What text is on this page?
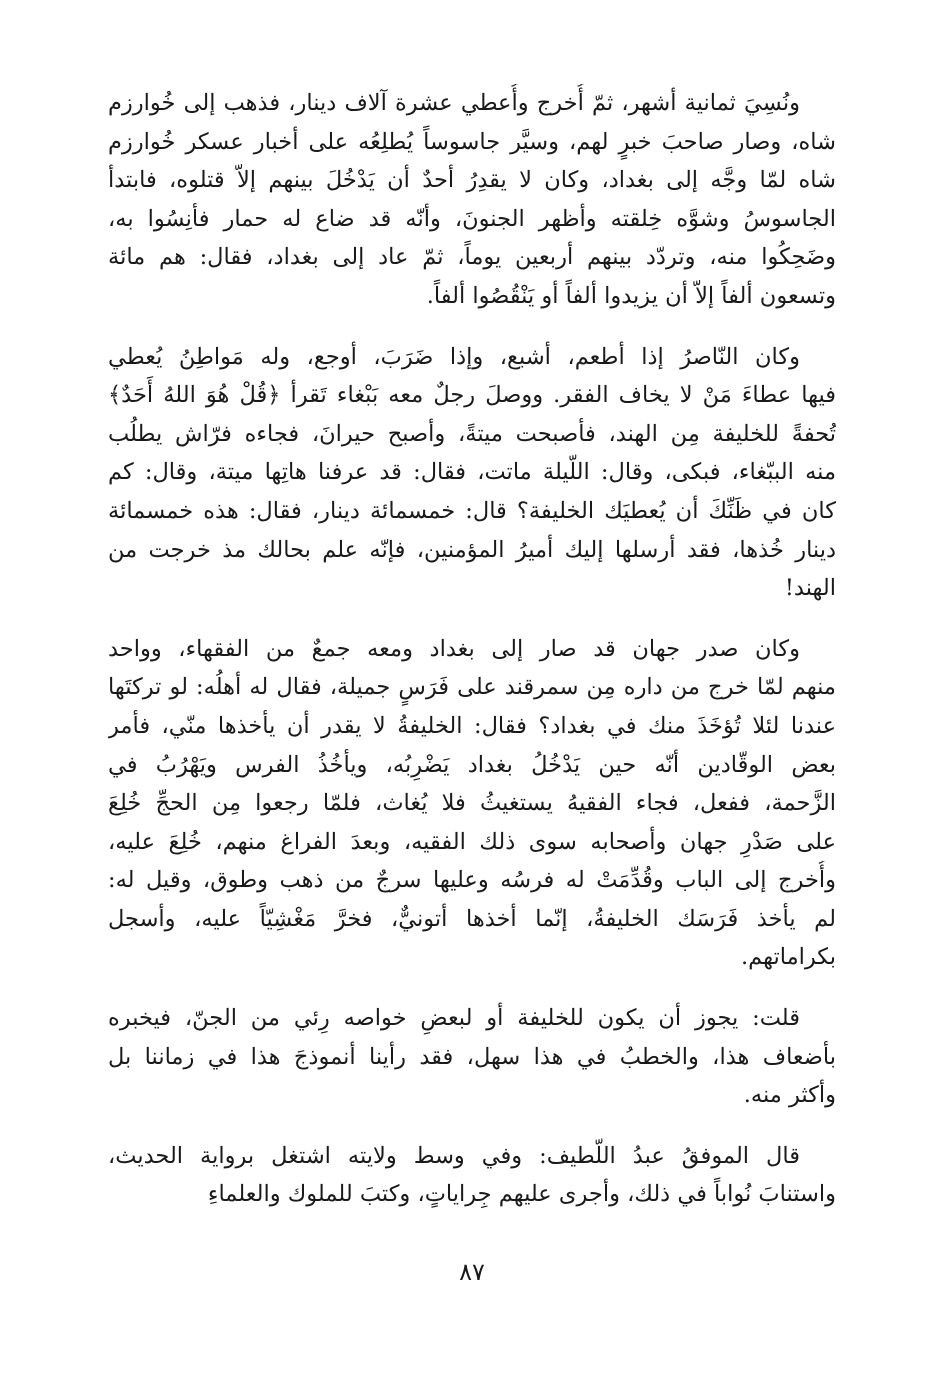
ونُسِيَ ثمانية أشهر، ثمّ أُخرج وأُعطي عشرة آلاف دينار، فذهب إلى خُوارزم
شاه، وصار صاحبَ خبرٍ لهم، وسيَّر جاسوساً يُطلِعُه على أخبار عسكر خُوارزم
شاه لمّا وجَّه إلى بغداد، وكان لا يقدِرُ أحدٌ أن يَدْخُلَ بينهم إلاّ قتلوه، فابتدأ
الجاسوسُ وشوَّه خِلقته وأظهر الجنونَ، وأنّه قد ضاع له حمار فأنِسُوا به،
وضَحِكُوا منه، وتردّد بينهم أربعين يوماً، ثمّ عاد إلى بغداد، فقال: هم مائة
وتسعون ألفاً إلاّ أن يزيدوا ألفاً أو يَنْقُصُوا ألفاً.

وكان النّاصرُ إذا أطعم، أشبع، وإذا ضَرَبَ، أوجع، وله مَواطِنُ يُعطي
فيها عطاءَ مَنْ لا يخاف الفقر. ووصلَ رجلٌ معه بَبْغاء تَقرأ ﴿قُلْ هُوَ اللهُ أَحَدٌ﴾
تُحفةً للخليفة مِن الهند، فأصبحت ميتةً، وأصبح حيرانَ، فجاءه فرّاش يطلُب
منه الببّغاء، فبكى، وقال: اللّيلة ماتت، فقال: قد عرفنا هاتِها ميتة، وقال: كم
كان في ظَنِّكَ أن يُعطيَك الخليفة؟ قال: خمسمائة دينار، فقال: هذه خمسمائة
دينار خُذها، فقد أرسلها إليك أميرُ المؤمنين، فإنّه علم بحالك مذ خرجت من
الهند!

وكان صدر جهان قد صار إلى بغداد ومعه جمعٌ من الفقهاء، وواحد
منهم لمّا خرج من داره مِن سمرقند على فَرَسٍ جميلة، فقال له أهلُه: لو تركتَها
عندنا لئلا تُؤخَذَ منك في بغداد؟ فقال: الخليفةُ لا يقدر أن يأخذها منّي، فأمر
بعض الوقّادين أنّه حين يَدْخُلُ بغداد يَضْرِبُه، ويأخُذُ الفرس ويَهْرُبُ في
الزَّحمة، ففعل، فجاء الفقيهُ يستغيثُ فلا يُغاث، فلمّا رجعوا مِن الحجِّ خُلِعَ
على صَدْرِ جهان وأصحابه سوى ذلك الفقيه، وبعدَ الفراغ منهم، خُلِعَ عليه،
وأُخرج إلى الباب وقُدِّمَتْ له فرسُه وعليها سرجٌ من ذهب وطوق، وقيل له:
لم يأخذ فَرَسَك الخليفةُ، إنّما أخذها أتونيٌّ، فخرَّ مَغْشِيّاً عليه، وأسجل
بكراماتهم.

قلت: يجوز أن يكون للخليفة أو لبعضِ خواصه رِئي من الجنّ، فيخبره
بأضعاف هذا، والخطبُ في هذا سهل، فقد رأينا أنموذجَ هذا في زماننا بل
وأكثر منه.

قال الموفقُ عبدُ اللّطيف: وفي وسط ولايته اشتغل برواية الحديث،
واستنابَ نُواباً في ذلك، وأجرى عليهم جِراياتٍ، وكتبَ للملوك والعلماءِ

٨٧
